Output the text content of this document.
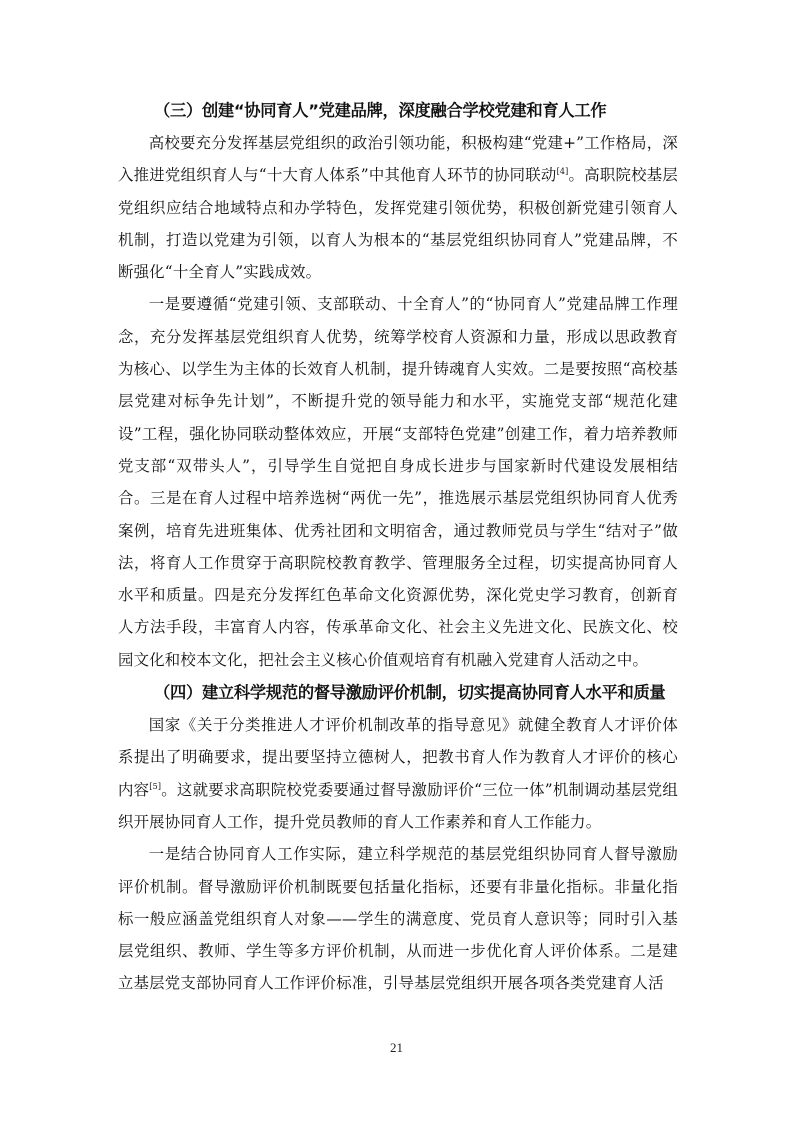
（三）创建“协同育人”党建品牌，深度融合学校党建和育人工作

高校要充分发挥基层党组织的政治引领功能，积极构建“党建+”工作格局，深入推进党组织育人与“十大育人体系”中其他育人环节的协同联动[4]。高职院校基层党组织应结合地域特点和办学特色，发挥党建引领优势，积极创新党建引领育人机制，打造以党建为引领，以育人为根本的“基层党组织协同育人”党建品牌，不断强化“十全育人”实践成效。

一是要遵循“党建引领、支部联动、十全育人”的“协同育人”党建品牌工作理念，充分发挥基层党组织育人优势，统筹学校育人资源和力量，形成以思政教育为核心、以学生为主体的长效育人机制，提升铸魂育人实效。二是要按照“高校基层党建对标争先计划”，不断提升党的领导能力和水平，实施党支部“规范化建设”工程，强化协同联动整体效应，开展“支部特色党建”创建工作，着力培养教师党支部“双带头人”，引导学生自觉把自身成长进步与国家新时代建设发展相结合。三是在育人过程中培养选树“两优一先”，推选展示基层党组织协同育人优秀案例，培育先进班集体、优秀社团和文明宿舍，通过教师党员与学生“结对子”做法，将育人工作贯穿于高职院校教育教学、管理服务全过程，切实提高协同育人水平和质量。四是充分发挥红色革命文化资源优势，深化党史学习教育，创新育人方法手段，丰富育人内容，传承革命文化、社会主义先进文化、民族文化、校园文化和校本文化，把社会主义核心价值观培育有机融入党建育人活动之中。

（四）建立科学规范的督导激励评价机制，切实提高协同育人水平和质量

国家《关于分类推进人才评价机制改革的指导意见》就健全教育人才评价体系提出了明确要求，提出要坚持立德树人，把教书育人作为教育人才评价的核心内容[5]。这就要求高职院校党委要通过督导激励评价“三位一体”机制调动基层党组织开展协同育人工作，提升党员教师的育人工作素养和育人工作能力。

一是结合协同育人工作实际，建立科学规范的基层党组织协同育人督导激励评价机制。督导激励评价机制既要包括量化指标，还要有非量化指标。非量化指标一般应涵盖党组织育人对象——学生的满意度、党员育人意识等；同时引入基层党组织、教师、学生等多方评价机制，从而进一步优化育人评价体系。二是建立基层党支部协同育人工作评价标准，引导基层党组织开展各项各类党建育人活

21
